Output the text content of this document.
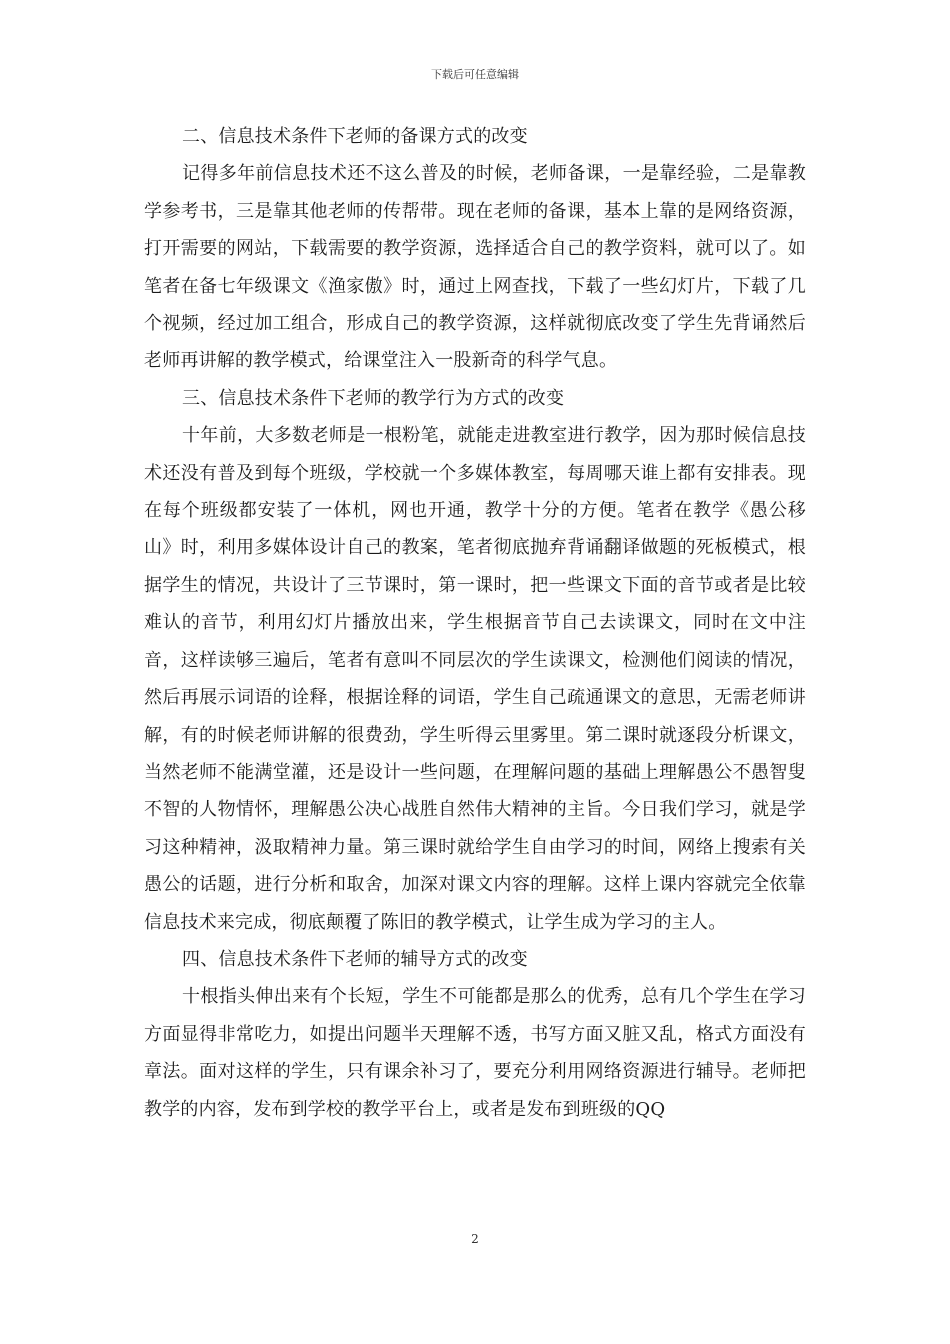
下载后可任意编辑

二、信息技术条件下老师的备课方式的改变

记得多年前信息技术还不这么普及的时候，老师备课，一是靠经验，二是靠教学参考书，三是靠其他老师的传帮带。现在老师的备课，基本上靠的是网络资源，打开需要的网站，下载需要的教学资源，选择适合自己的教学资料，就可以了。如笔者在备七年级课文《渔家傲》时，通过上网查找，下载了一些幻灯片，下载了几个视频，经过加工组合，形成自己的教学资源，这样就彻底改变了学生先背诵然后老师再讲解的教学模式，给课堂注入一股新奇的科学气息。

三、信息技术条件下老师的教学行为方式的改变

十年前，大多数老师是一根粉笔，就能走进教室进行教学，因为那时候信息技术还没有普及到每个班级，学校就一个多媒体教室，每周哪天谁上都有安排表。现在每个班级都安装了一体机，网也开通，教学十分的方便。笔者在教学《愚公移山》时，利用多媒体设计自己的教案，笔者彻底抛弃背诵翻译做题的死板模式，根据学生的情况，共设计了三节课时，第一课时，把一些课文下面的音节或者是比较难认的音节，利用幻灯片播放出来，学生根据音节自己去读课文，同时在文中注音，这样读够三遍后，笔者有意叫不同层次的学生读课文，检测他们阅读的情况，然后再展示词语的诠释，根据诠释的词语，学生自己疏通课文的意思，无需老师讲解，有的时候老师讲解的很费劲，学生听得云里雾里。第二课时就逐段分析课文，当然老师不能满堂灌，还是设计一些问题，在理解问题的基础上理解愚公不愚智叟不智的人物情怀，理解愚公决心战胜自然伟大精神的主旨。今日我们学习，就是学习这种精神，汲取精神力量。第三课时就给学生自由学习的时间，网络上搜索有关愚公的话题，进行分析和取舍，加深对课文内容的理解。这样上课内容就完全依靠信息技术来完成，彻底颠覆了陈旧的教学模式，让学生成为学习的主人。

四、信息技术条件下老师的辅导方式的改变

十根指头伸出来有个长短，学生不可能都是那么的优秀，总有几个学生在学习方面显得非常吃力，如提出问题半天理解不透，书写方面又脏又乱，格式方面没有章法。面对这样的学生，只有课余补习了，要充分利用网络资源进行辅导。老师把教学的内容，发布到学校的教学平台上，或者是发布到班级的QQ

2
